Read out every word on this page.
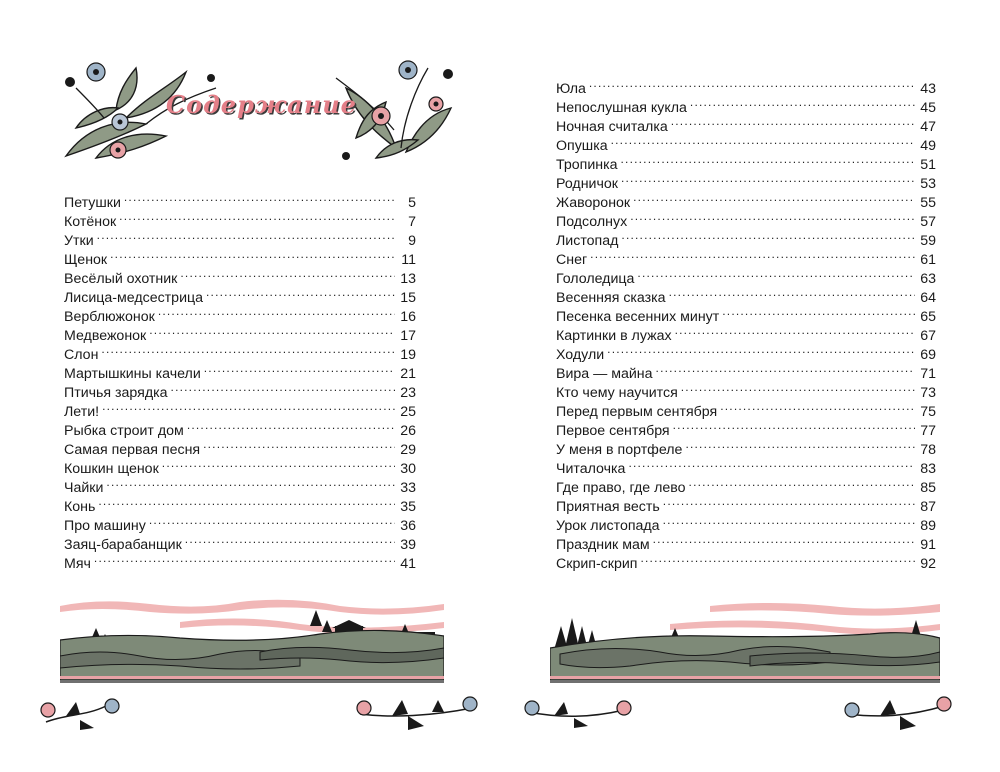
Содержание
Петушки .....	5
Котёнок .....	7
Утки .....	9
Щенок .....	11
Весёлый охотник .....	13
Лисица-медсестрица .....	15
Верблюжонок .....	16
Медвежонок .....	17
Слон .....	19
Мартышкины качели .....	21
Птичья зарядка .....	23
Лети! .....	25
Рыбка строит дом .....	26
Самая первая песня .....	29
Кошкин щенок .....	30
Чайки .....	33
Конь .....	35
Про машину .....	36
Заяц-барабанщик .....	39
Мяч .....	41
Юла .....	43
Непослушная кукла .....	45
Ночная считалка .....	47
Опушка .....	49
Тропинка .....	51
Родничок .....	53
Жаворонок .....	55
Подсолнух .....	57
Листопад .....	59
Снег .....	61
Гололедица .....	63
Весенняя сказка .....	64
Песенка весенних минут .....	65
Картинки в лужах .....	67
Ходули .....	69
Вира — майна .....	71
Кто чему научится .....	73
Перед первым сентября .....	75
Первое сентября .....	77
У меня в портфеле .....	78
Читалочка .....	83
Где право, где лево .....	85
Приятная весть .....	87
Урок листопада .....	89
Праздник мам .....	91
Скрип-скрип .....	92
